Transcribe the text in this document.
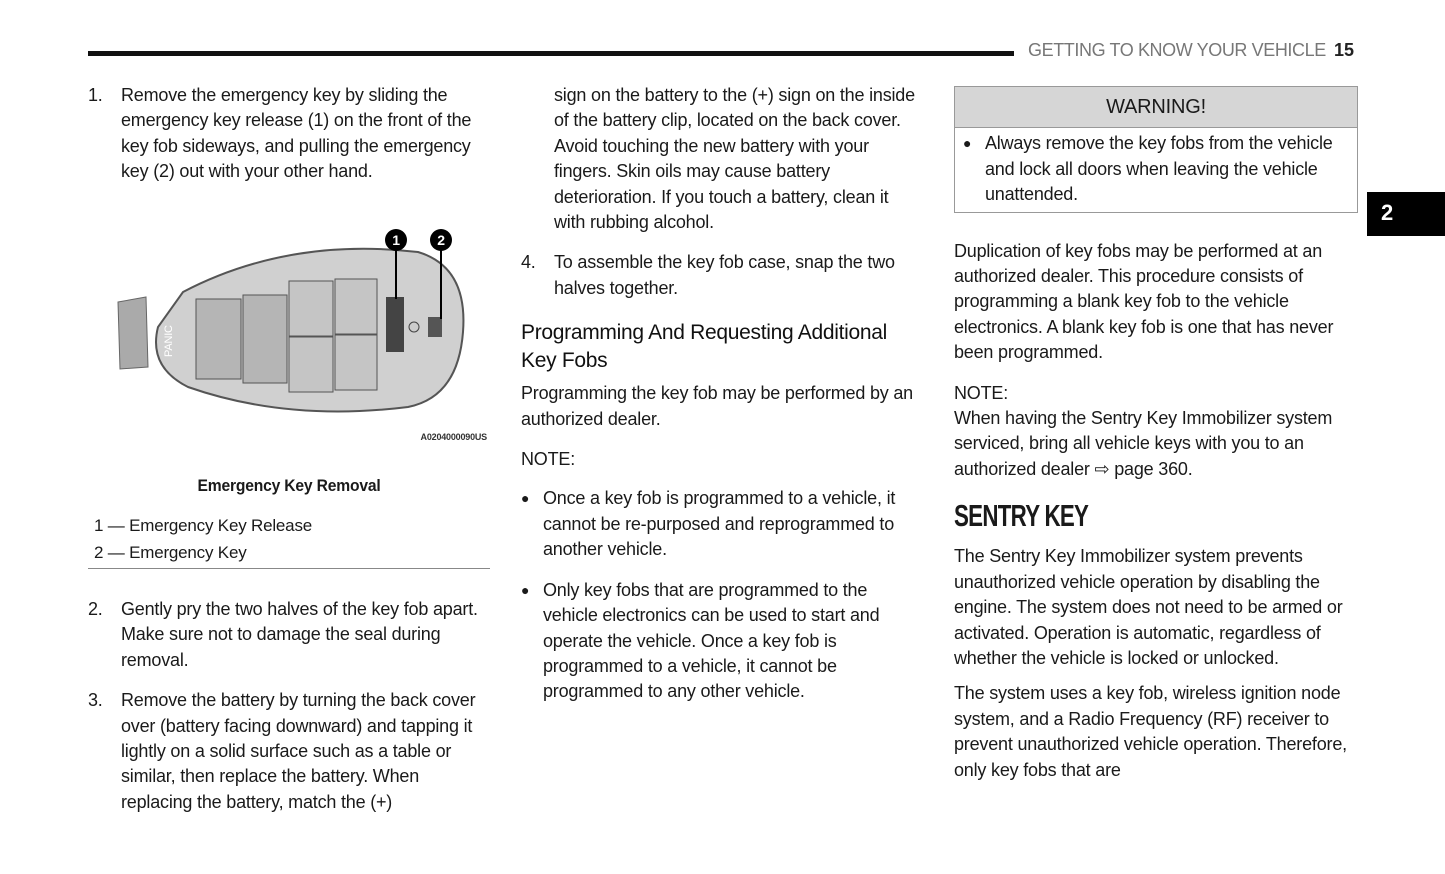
GETTING TO KNOW YOUR VEHICLE 15
2
1.	Remove the emergency key by sliding the emergency key release (1) on the front of the key fob sideways, and pulling the emergency key (2) out with your other hand.

PANIC
1	2
A0204000090US
Emergency Key Removal
1 — Emergency Key Release
2 — Emergency Key
2.	Gently pry the two halves of the key fob apart. Make sure not to damage the seal during removal.

3.	Remove the battery by turning the back cover over (battery facing downward) and tapping it lightly on a solid surface such as a table or similar, then replace the battery. When replacing the battery, match the (+)

sign on the battery to the (+) sign on the inside of the battery clip, located on the back cover. Avoid touching the new battery with your fingers. Skin oils may cause battery deterioration. If you touch a battery, clean it with rubbing alcohol.

4.	To assemble the key fob case, snap the two halves together.

Programming And Requesting Additional Key Fobs

Programming the key fob may be performed by an authorized dealer.

NOTE:

● Once a key fob is programmed to a vehicle, it cannot be re-purposed and reprogrammed to another vehicle.

● Only key fobs that are programmed to the vehicle electronics can be used to start and operate the vehicle. Once a key fob is programmed to a vehicle, it cannot be programmed to any other vehicle.

WARNING!
● Always remove the key fobs from the vehicle and lock all doors when leaving the vehicle unattended.

Duplication of key fobs may be performed at an authorized dealer. This procedure consists of programming a blank key fob to the vehicle electronics. A blank key fob is one that has never been programmed.

NOTE:

When having the Sentry Key Immobilizer system serviced, bring all vehicle keys with you to an authorized dealer ⇨ page 360.

SENTRY KEY

The Sentry Key Immobilizer system prevents unauthorized vehicle operation by disabling the engine. The system does not need to be armed or activated. Operation is automatic, regardless of whether the vehicle is locked or unlocked.

The system uses a key fob, wireless ignition node system, and a Radio Frequency (RF) receiver to prevent unauthorized vehicle operation. Therefore, only key fobs that are
